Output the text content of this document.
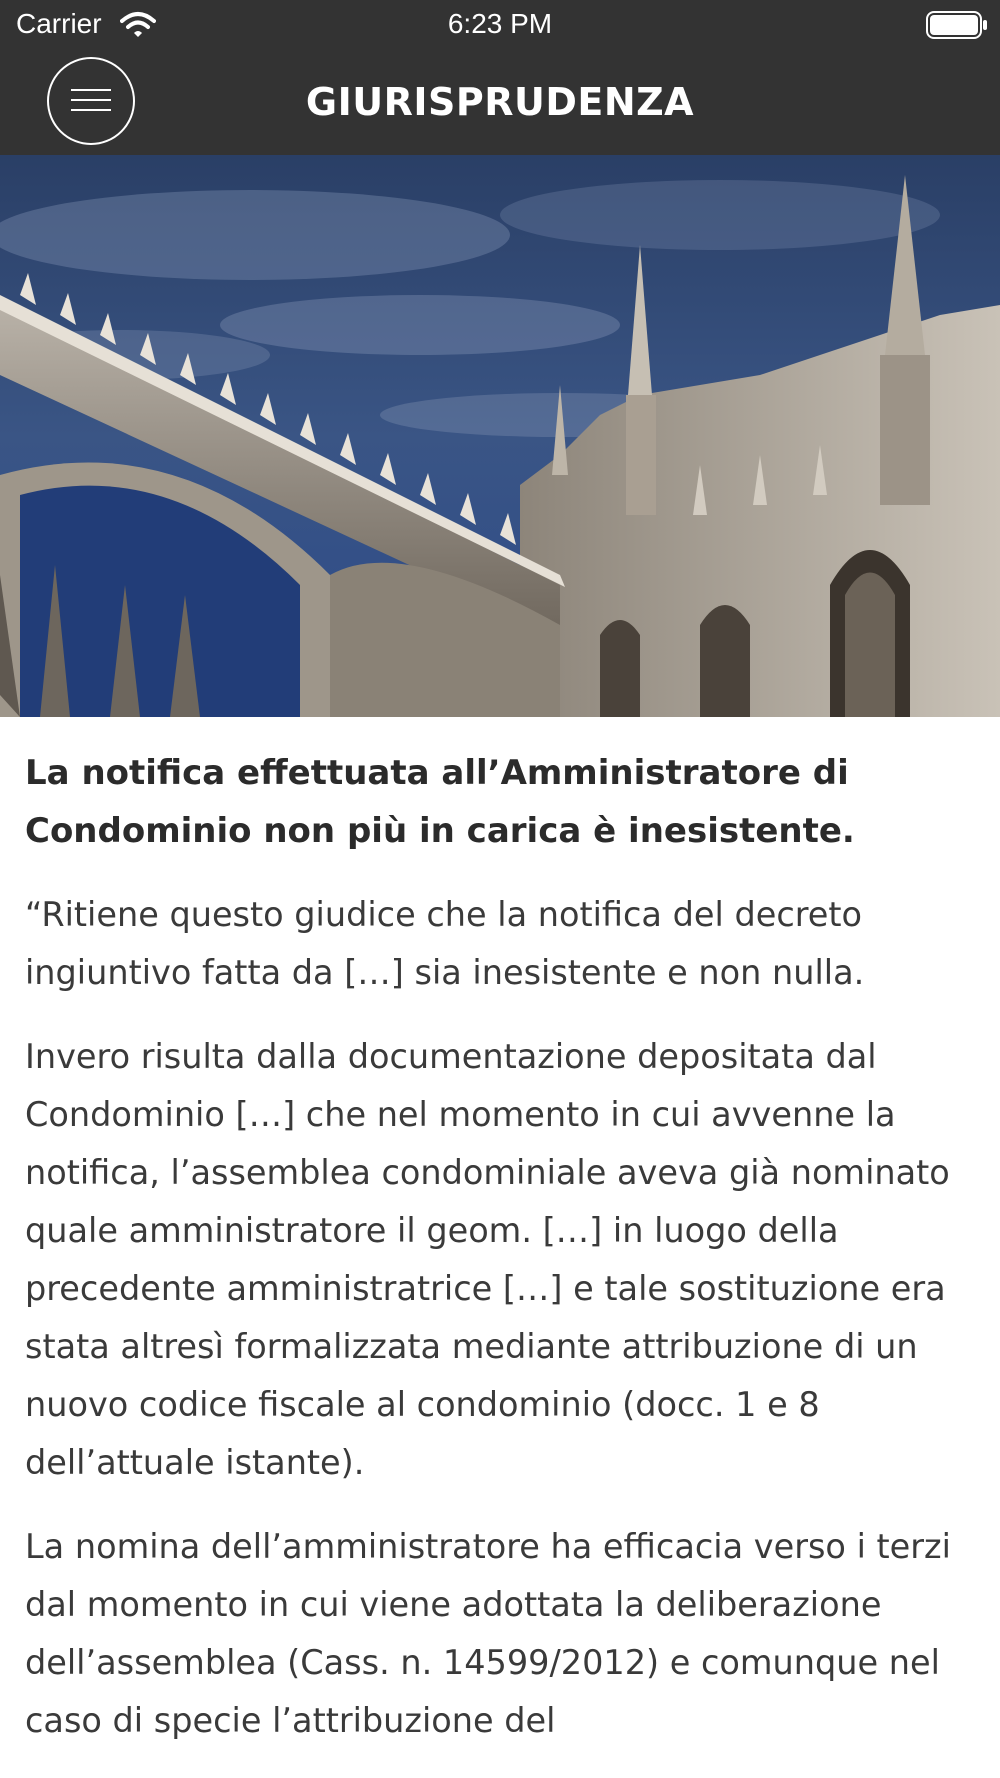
Carrier	6:23 PM
GIURISPRUDENZA
La notifica effettuata all’Amministratore di Condominio non più in carica è inesistente.

“Ritiene questo giudice che la notifica del decreto ingiuntivo fatta da […] sia inesistente e non nulla.

Invero risulta dalla documentazione depositata dal Condominio […] che nel momento in cui avvenne la notifica, l’assemblea condominiale aveva già nominato quale amministratore il geom. […] in luogo della precedente amministratrice […] e tale sostituzione era stata altresì formalizzata mediante attribuzione di un nuovo codice fiscale al condominio (docc. 1 e 8 dell’attuale istante).

La nomina dell’amministratore ha efficacia verso i terzi dal momento in cui viene adottata la deliberazione dell’assemblea (Cass. n. 14599/2012) e comunque nel caso di specie l’attribuzione del
